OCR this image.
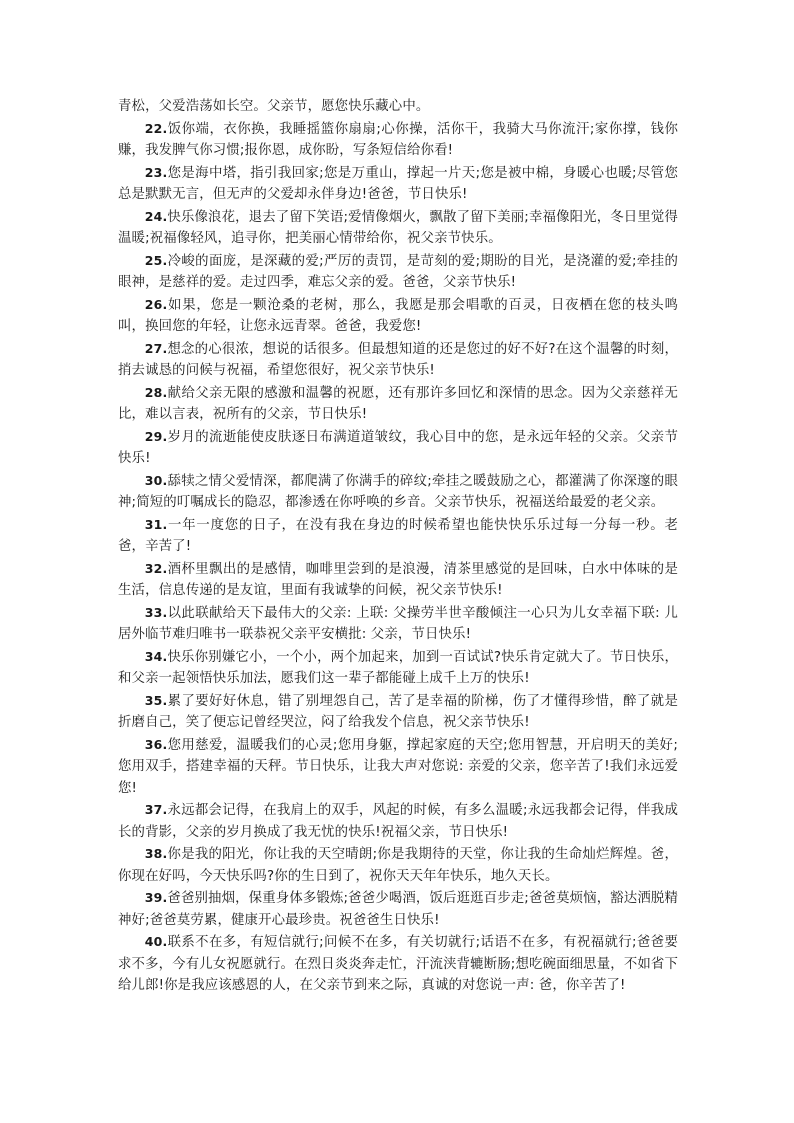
青松，父爱浩荡如长空。父亲节，愿您快乐藏心中。

22.饭你端，衣你换，我睡摇篮你扇扇;心你操，活你干，我骑大马你流汗;家你撑，钱你赚，我发脾气你习惯;报你恩，成你盼，写条短信给你看!

23.您是海中塔，指引我回家;您是万重山，撑起一片天;您是被中棉，身暖心也暖;尽管您总是默默无言，但无声的父爱却永伴身边!爸爸，节日快乐!

24.快乐像浪花，退去了留下笑语;爱情像烟火，飘散了留下美丽;幸福像阳光，冬日里觉得温暖;祝福像轻风，追寻你，把美丽心情带给你，祝父亲节快乐。

25.冷峻的面庞，是深藏的爱;严厉的责罚，是苛刻的爱;期盼的目光，是浇灌的爱;牵挂的眼神，是慈祥的爱。走过四季，难忘父亲的爱。爸爸，父亲节快乐!

26.如果，您是一颗沧桑的老树，那么，我愿是那会唱歌的百灵，日夜栖在您的枝头鸣叫，换回您的年轻，让您永远青翠。爸爸，我爱您!

27.想念的心很浓，想说的话很多。但最想知道的还是您过的好不好?在这个温馨的时刻，捎去诚恳的问候与祝福，希望您很好，祝父亲节快乐!

28.献给父亲无限的感激和温馨的祝愿，还有那许多回忆和深情的思念。因为父亲慈祥无比，难以言表，祝所有的父亲，节日快乐!

29.岁月的流逝能使皮肤逐日布满道道皱纹，我心目中的您，是永远年轻的父亲。父亲节快乐!

30.舔犊之情父爱情深，都爬满了你满手的碎纹;牵挂之暖鼓励之心，都灌满了你深邃的眼神;简短的叮嘱成长的隐忍，都渗透在你呼唤的乡音。父亲节快乐，祝福送给最爱的老父亲。

31.一年一度您的日子，在没有我在身边的时候希望也能快快乐乐过每一分每一秒。老爸，辛苦了!

32.酒杯里飘出的是感情，咖啡里尝到的是浪漫，清茶里感觉的是回味，白水中体味的是生活，信息传递的是友谊，里面有我诚挚的问候，祝父亲节快乐!

33.以此联献给天下最伟大的父亲: 上联: 父操劳半世辛酸倾注一心只为儿女幸福下联: 儿居外临节难归唯书一联恭祝父亲平安横批: 父亲，节日快乐!

34.快乐你别嫌它小，一个小，两个加起来，加到一百试试?快乐肯定就大了。节日快乐，和父亲一起领悟快乐加法，愿我们这一辈子都能碰上成千上万的快乐!

35.累了要好好休息，错了别埋怨自己，苦了是幸福的阶梯，伤了才懂得珍惜，醉了就是折磨自己，笑了便忘记曾经哭泣，闷了给我发个信息，祝父亲节快乐!

36.您用慈爱，温暖我们的心灵;您用身躯，撑起家庭的天空;您用智慧，开启明天的美好;您用双手，搭建幸福的天秤。节日快乐，让我大声对您说: 亲爱的父亲，您辛苦了!我们永远爱您!

37.永远都会记得，在我肩上的双手，风起的时候，有多么温暖;永远我都会记得，伴我成长的背影，父亲的岁月换成了我无忧的快乐!祝福父亲，节日快乐!

38.你是我的阳光，你让我的天空晴朗;你是我期待的天堂，你让我的生命灿烂辉煌。爸，你现在好吗，今天快乐吗?你的生日到了，祝你天天年年快乐，地久天长。

39.爸爸别抽烟，保重身体多锻炼;爸爸少喝酒，饭后逛逛百步走;爸爸莫烦恼，豁达洒脱精神好;爸爸莫劳累，健康开心最珍贵。祝爸爸生日快乐!

40.联系不在多，有短信就行;问候不在多，有关切就行;话语不在多，有祝福就行;爸爸要求不多，今有儿女祝愿就行。在烈日炎炎奔走忙，汗流浃背辘断肠;想吃碗面细思量，不如省下给儿郎!你是我应该感恩的人，在父亲节到来之际，真诚的对您说一声: 爸，你辛苦了!
